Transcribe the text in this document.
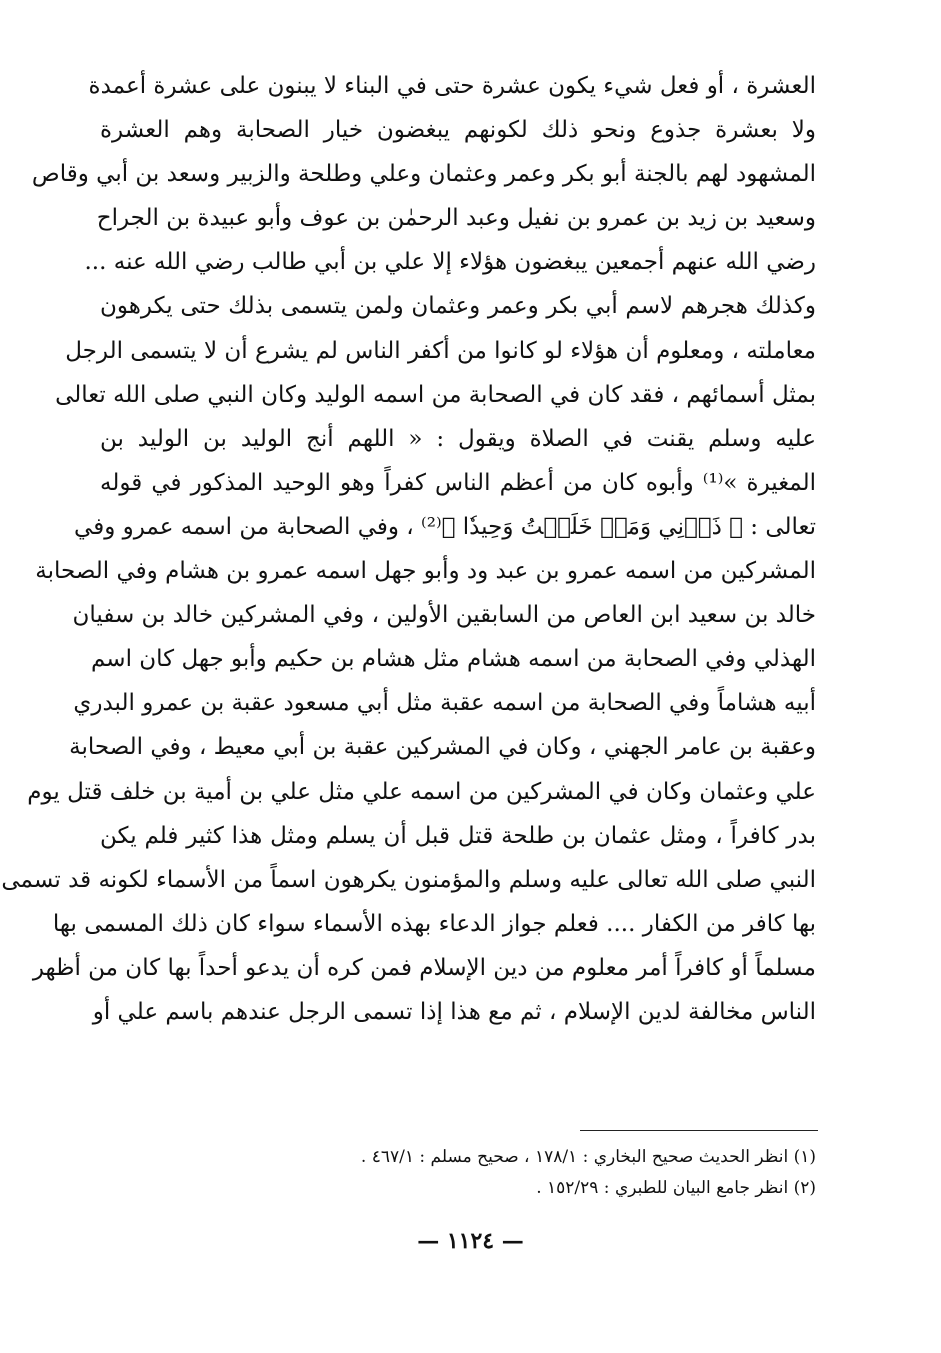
العشرة ، أو فعل شيء يكون عشرة حتى في البناء لا يبنون على عشرة أعمدة
ولا بعشرة جذوع ونحو ذلك لكونهم يبغضون خيار الصحابة وهم العشرة
المشهود لهم بالجنة أبو بكر وعمر وعثمان وعلي وطلحة والزبير وسعد بن أبي وقاص
وسعيد بن زيد بن عمرو بن نفيل وعبد الرحمٰن بن عوف وأبو عبيدة بن الجراح
رضي الله عنهم أجمعين يبغضون هؤلاء إلا علي بن أبي طالب رضي الله عنه ...
وكذلك هجرهم لاسم أبي بكر وعمر وعثمان ولمن يتسمى بذلك حتى يكرهون
معاملته ، ومعلوم أن هؤلاء لو كانوا من أكفر الناس لم يشرع أن لا يتسمى الرجل
بمثل أسمائهم ، فقد كان في الصحابة من اسمه الوليد وكان النبي صلى الله تعالى
عليه وسلم يقنت في الصلاة ويقول : « اللهم أنج الوليد بن الوليد بن
المغيرة »⁽¹⁾ وأبوه كان من أعظم الناس كفراً وهو الوحيد المذكور في قوله
تعالى : ﴿ ذَرۡنِي وَمَنۡ خَلَقۡتُ وَحِيدٗا ﴾⁽²⁾ ، وفي الصحابة من اسمه عمرو وفي
المشركين من اسمه عمرو بن عبد ود وأبو جهل اسمه عمرو بن هشام وفي الصحابة
خالد بن سعيد ابن العاص من السابقين الأولين ، وفي المشركين خالد بن سفيان
الهذلي وفي الصحابة من اسمه هشام مثل هشام بن حكيم وأبو جهل كان اسم
أبيه هشاماً وفي الصحابة من اسمه عقبة مثل أبي مسعود عقبة بن عمرو البدري
وعقبة بن عامر الجهني ، وكان في المشركين عقبة بن أبي معيط ، وفي الصحابة
علي وعثمان وكان في المشركين من اسمه علي مثل علي بن أمية بن خلف قتل يوم
بدر كافراً ، ومثل عثمان بن طلحة قتل قبل أن يسلم ومثل هذا كثير فلم يكن
النبي صلى الله تعالى عليه وسلم والمؤمنون يكرهون اسماً من الأسماء لكونه قد تسمى
بها كافر من الكفار .... فعلم جواز الدعاء بهذه الأسماء سواء كان ذلك المسمى بها
مسلماً أو كافراً أمر معلوم من دين الإسلام فمن كره أن يدعو أحداً بها كان من أظهر
الناس مخالفة لدين الإسلام ، ثم مع هذا إذا تسمى الرجل عندهم باسم علي أو
(١) انظر الحديث صحيح البخاري : ١٧٨/١ ، صحيح مسلم : ٤٦٧/١ .
(٢) انظر جامع البيان للطبري : ١٥٢/٢٩ .
— ١١٢٤ —
